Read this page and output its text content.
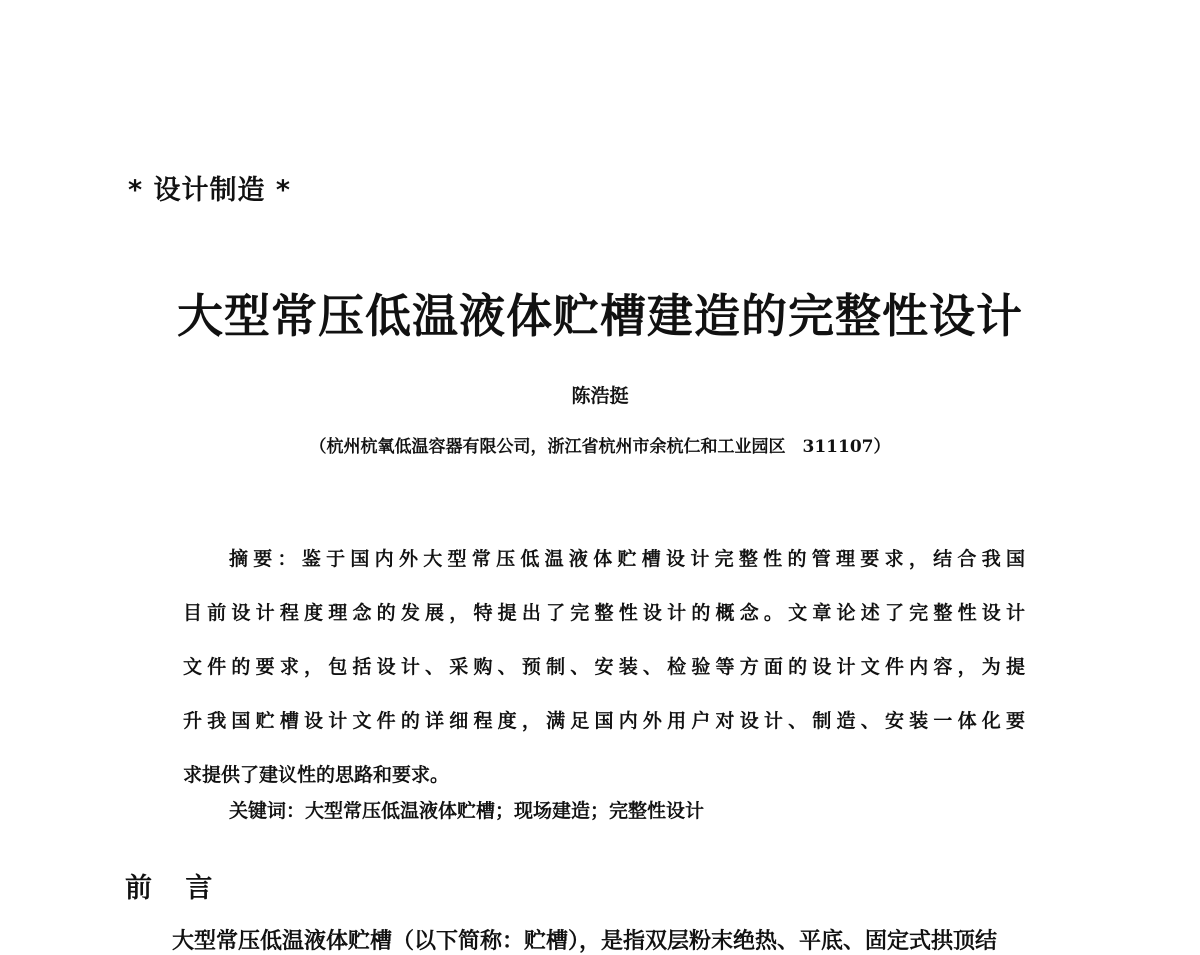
* 设计制造 *
大型常压低温液体贮槽建造的完整性设计
陈浩挺
（杭州杭氧低温容器有限公司，浙江省杭州市余杭仁和工业园区　311107）
摘要：鉴于国内外大型常压低温液体贮槽设计完整性的管理要求，结合我国
目前设计程度理念的发展，特提出了完整性设计的概念。文章论述了完整性设计
文件的要求，包括设计、采购、预制、安装、检验等方面的设计文件内容，为提
升我国贮槽设计文件的详细程度，满足国内外用户对设计、制造、安装一体化要
求提供了建议性的思路和要求。
关键词：大型常压低温液体贮槽；现场建造；完整性设计
前 言
大型常压低温液体贮槽（以下简称：贮槽），是指双层粉末绝热、平底、固定式拱顶结
